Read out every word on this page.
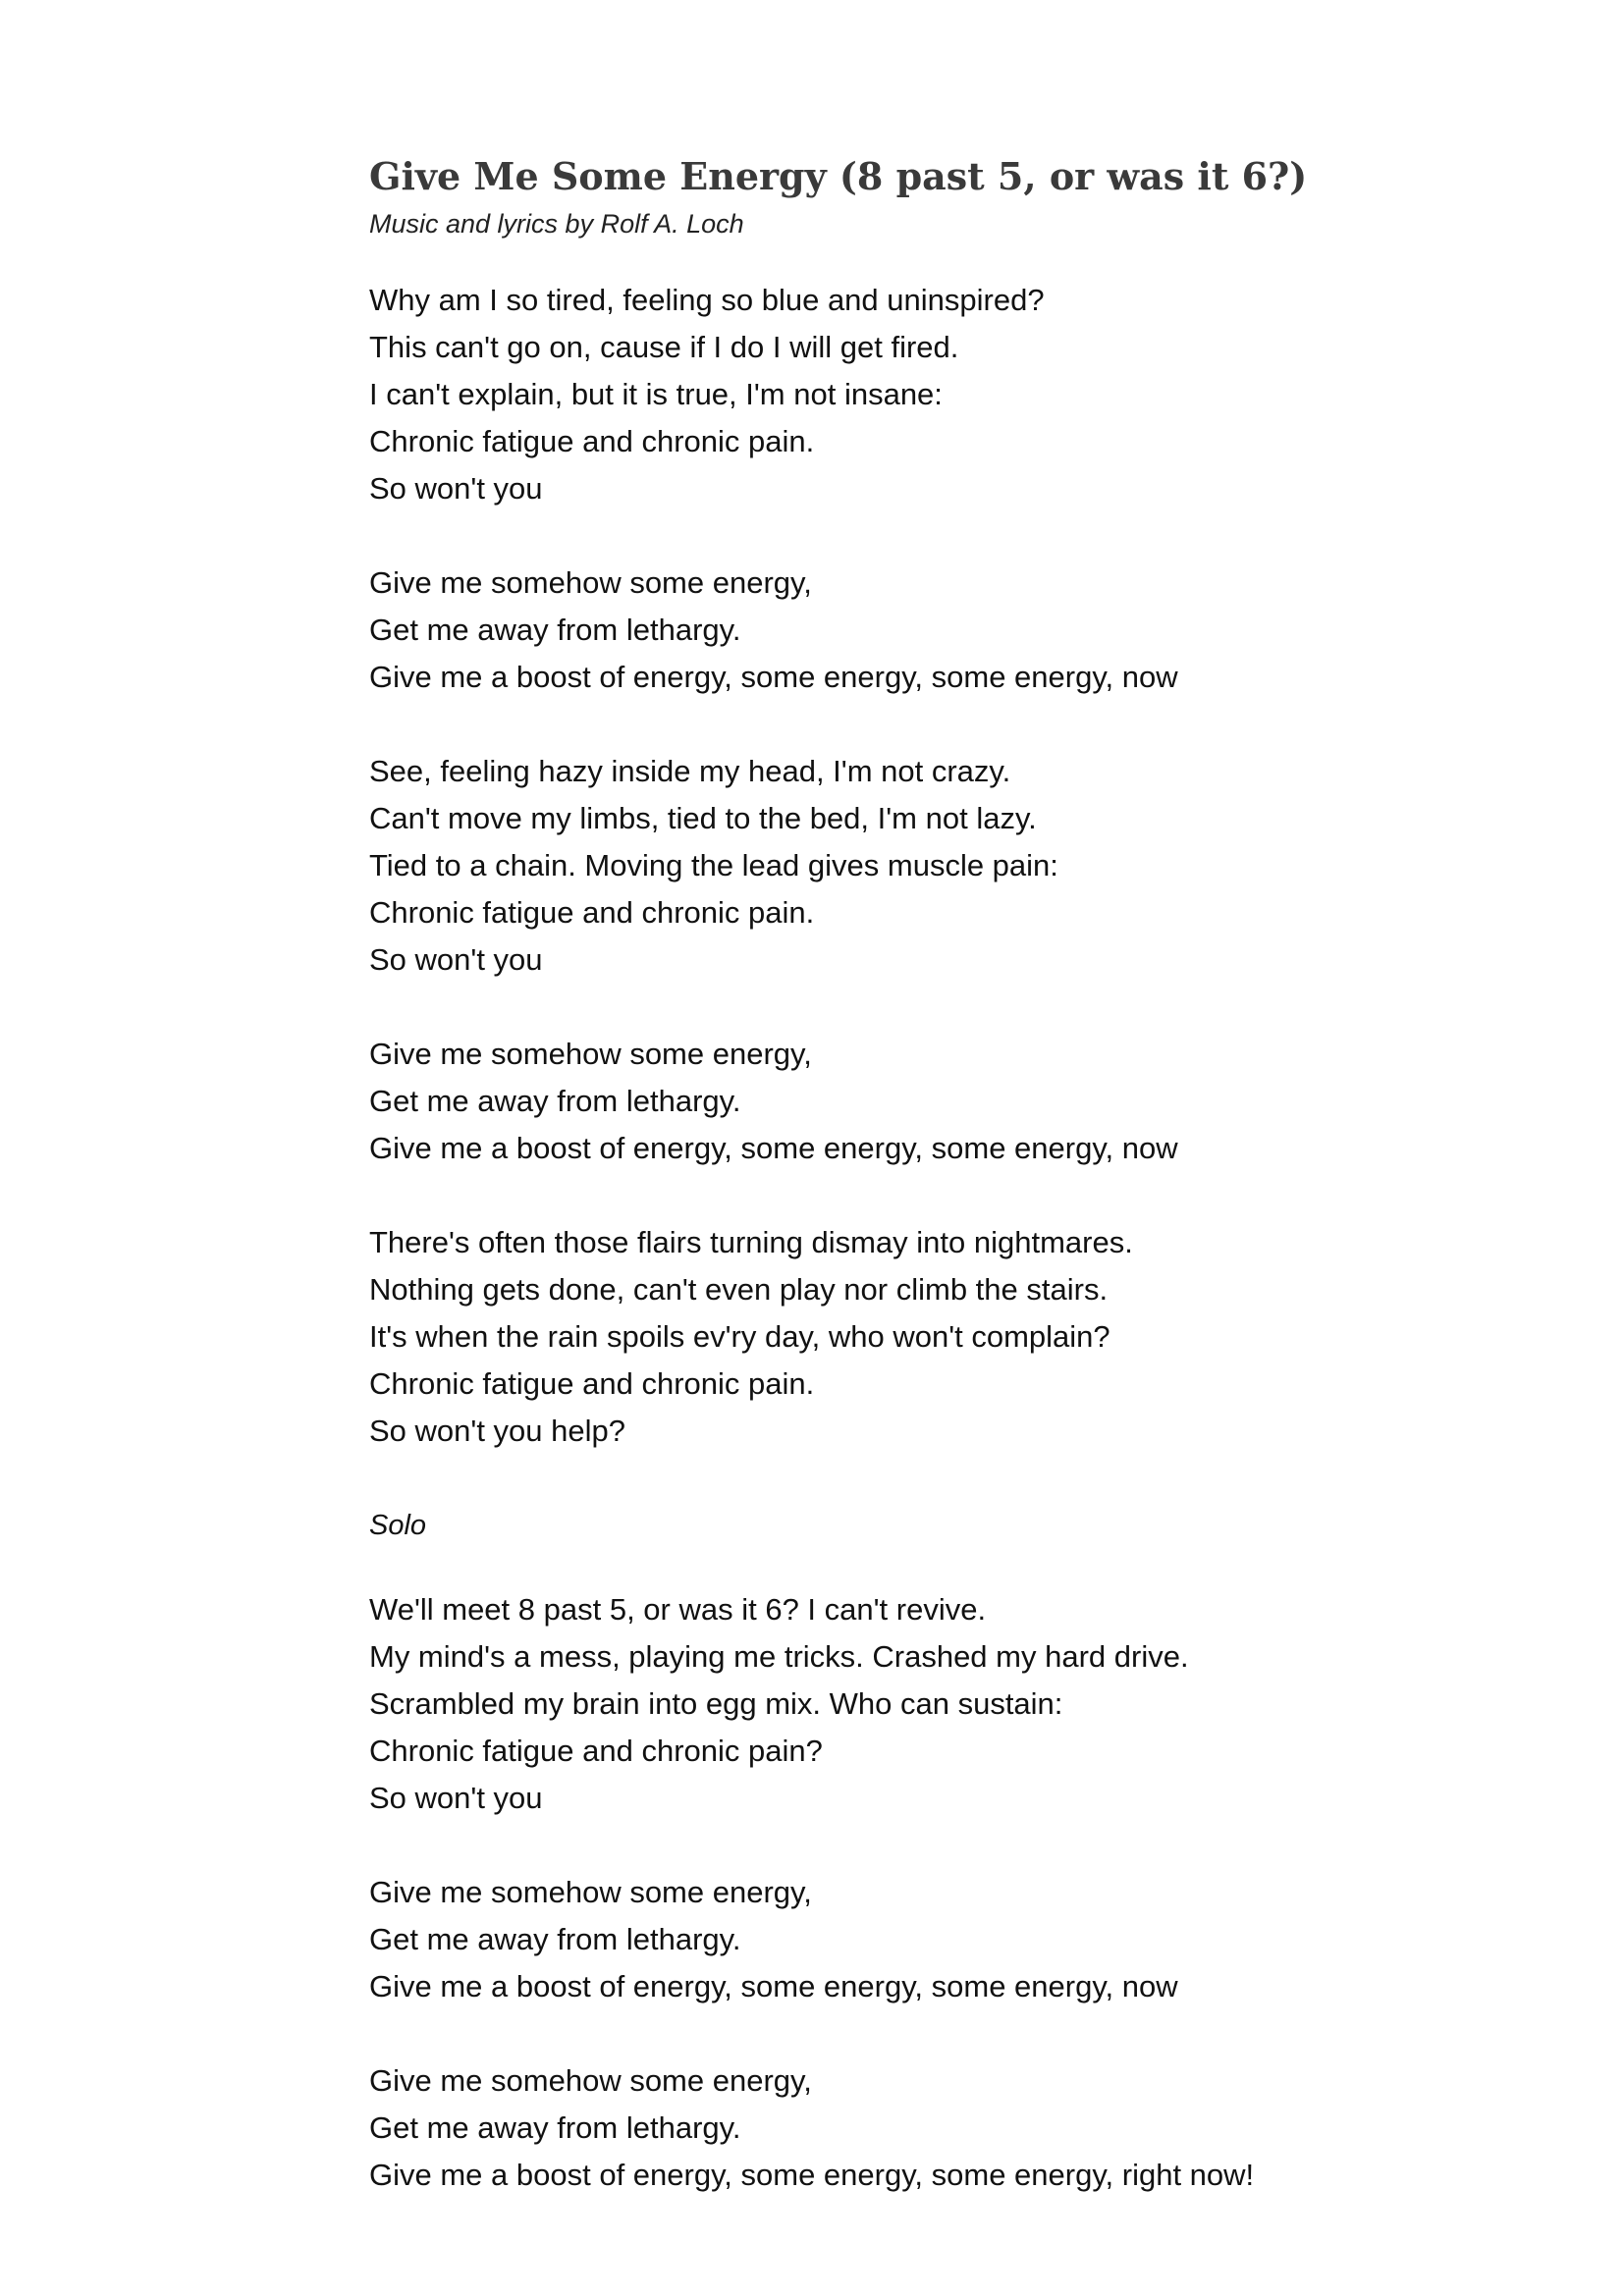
Give Me Some Energy (8 past 5, or was it 6?)

Music and lyrics by Rolf A. Loch

Why am I so tired, feeling so blue and uninspired?
This can't go on, cause if I do I will get fired.
I can't explain, but it is true, I'm not insane:
Chronic fatigue and chronic pain.
So won't you
Give me somehow some energy,
Get me away from lethargy.
Give me a boost of energy, some energy, some energy, now
See, feeling hazy inside my head, I'm not crazy.
Can't move my limbs, tied to the bed, I'm not lazy.
Tied to a chain. Moving the lead gives muscle pain:
Chronic fatigue and chronic pain.
So won't you
Give me somehow some energy,
Get me away from lethargy.
Give me a boost of energy, some energy, some energy, now
There's often those flairs turning dismay into nightmares.
Nothing gets done, can't even play nor climb the stairs.
It's when the rain spoils ev'ry day, who won't complain?
Chronic fatigue and chronic pain.
So won't you help?
Solo
We'll meet 8 past 5, or was it 6? I can't revive.
My mind's a mess, playing me tricks. Crashed my hard drive.
Scrambled my brain into egg mix. Who can sustain:
Chronic fatigue and chronic pain?
So won't you
Give me somehow some energy,
Get me away from lethargy.
Give me a boost of energy, some energy, some energy, now
Give me somehow some energy,
Get me away from lethargy.
Give me a boost of energy, some energy, some energy, right now!
